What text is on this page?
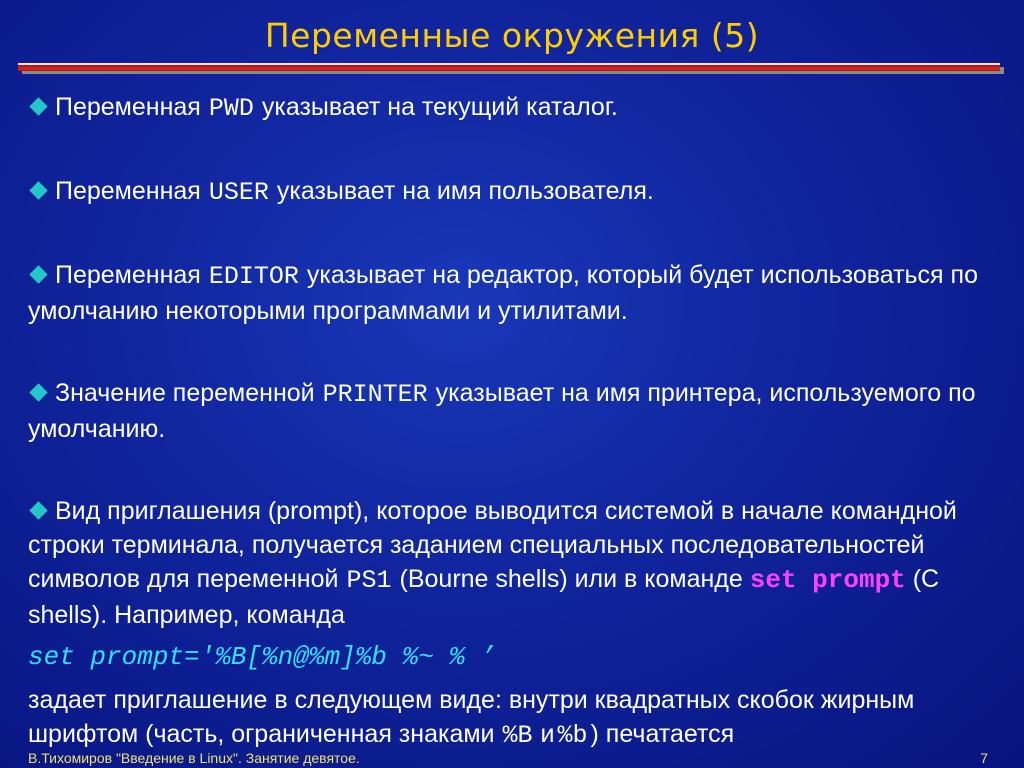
Переменные окружения (5)

Переменная PWD указывает на текущий каталог.

Переменная USER указывает на имя пользователя.

Переменная EDITOR указывает на редактор, который будет использоваться по умолчанию некоторыми программами и утилитами.

Значение переменной PRINTER указывает на имя принтера, используемого по умолчанию.

Вид приглашения (prompt), которое выводится системой в начале командной строки терминала, получается заданием специальных последовательностей символов для переменной PS1 (Bourne shells) или в команде set prompt (C shells). Например, команда
set prompt='%B[%n@%m]%b %~ % ’
задает приглашение в следующем виде: внутри квадратных скобок жирным шрифтом (часть, ограниченная знаками %B и %b ) печатается
В.Тихомиров "Введение в Linux". Занятие девятое.	7
